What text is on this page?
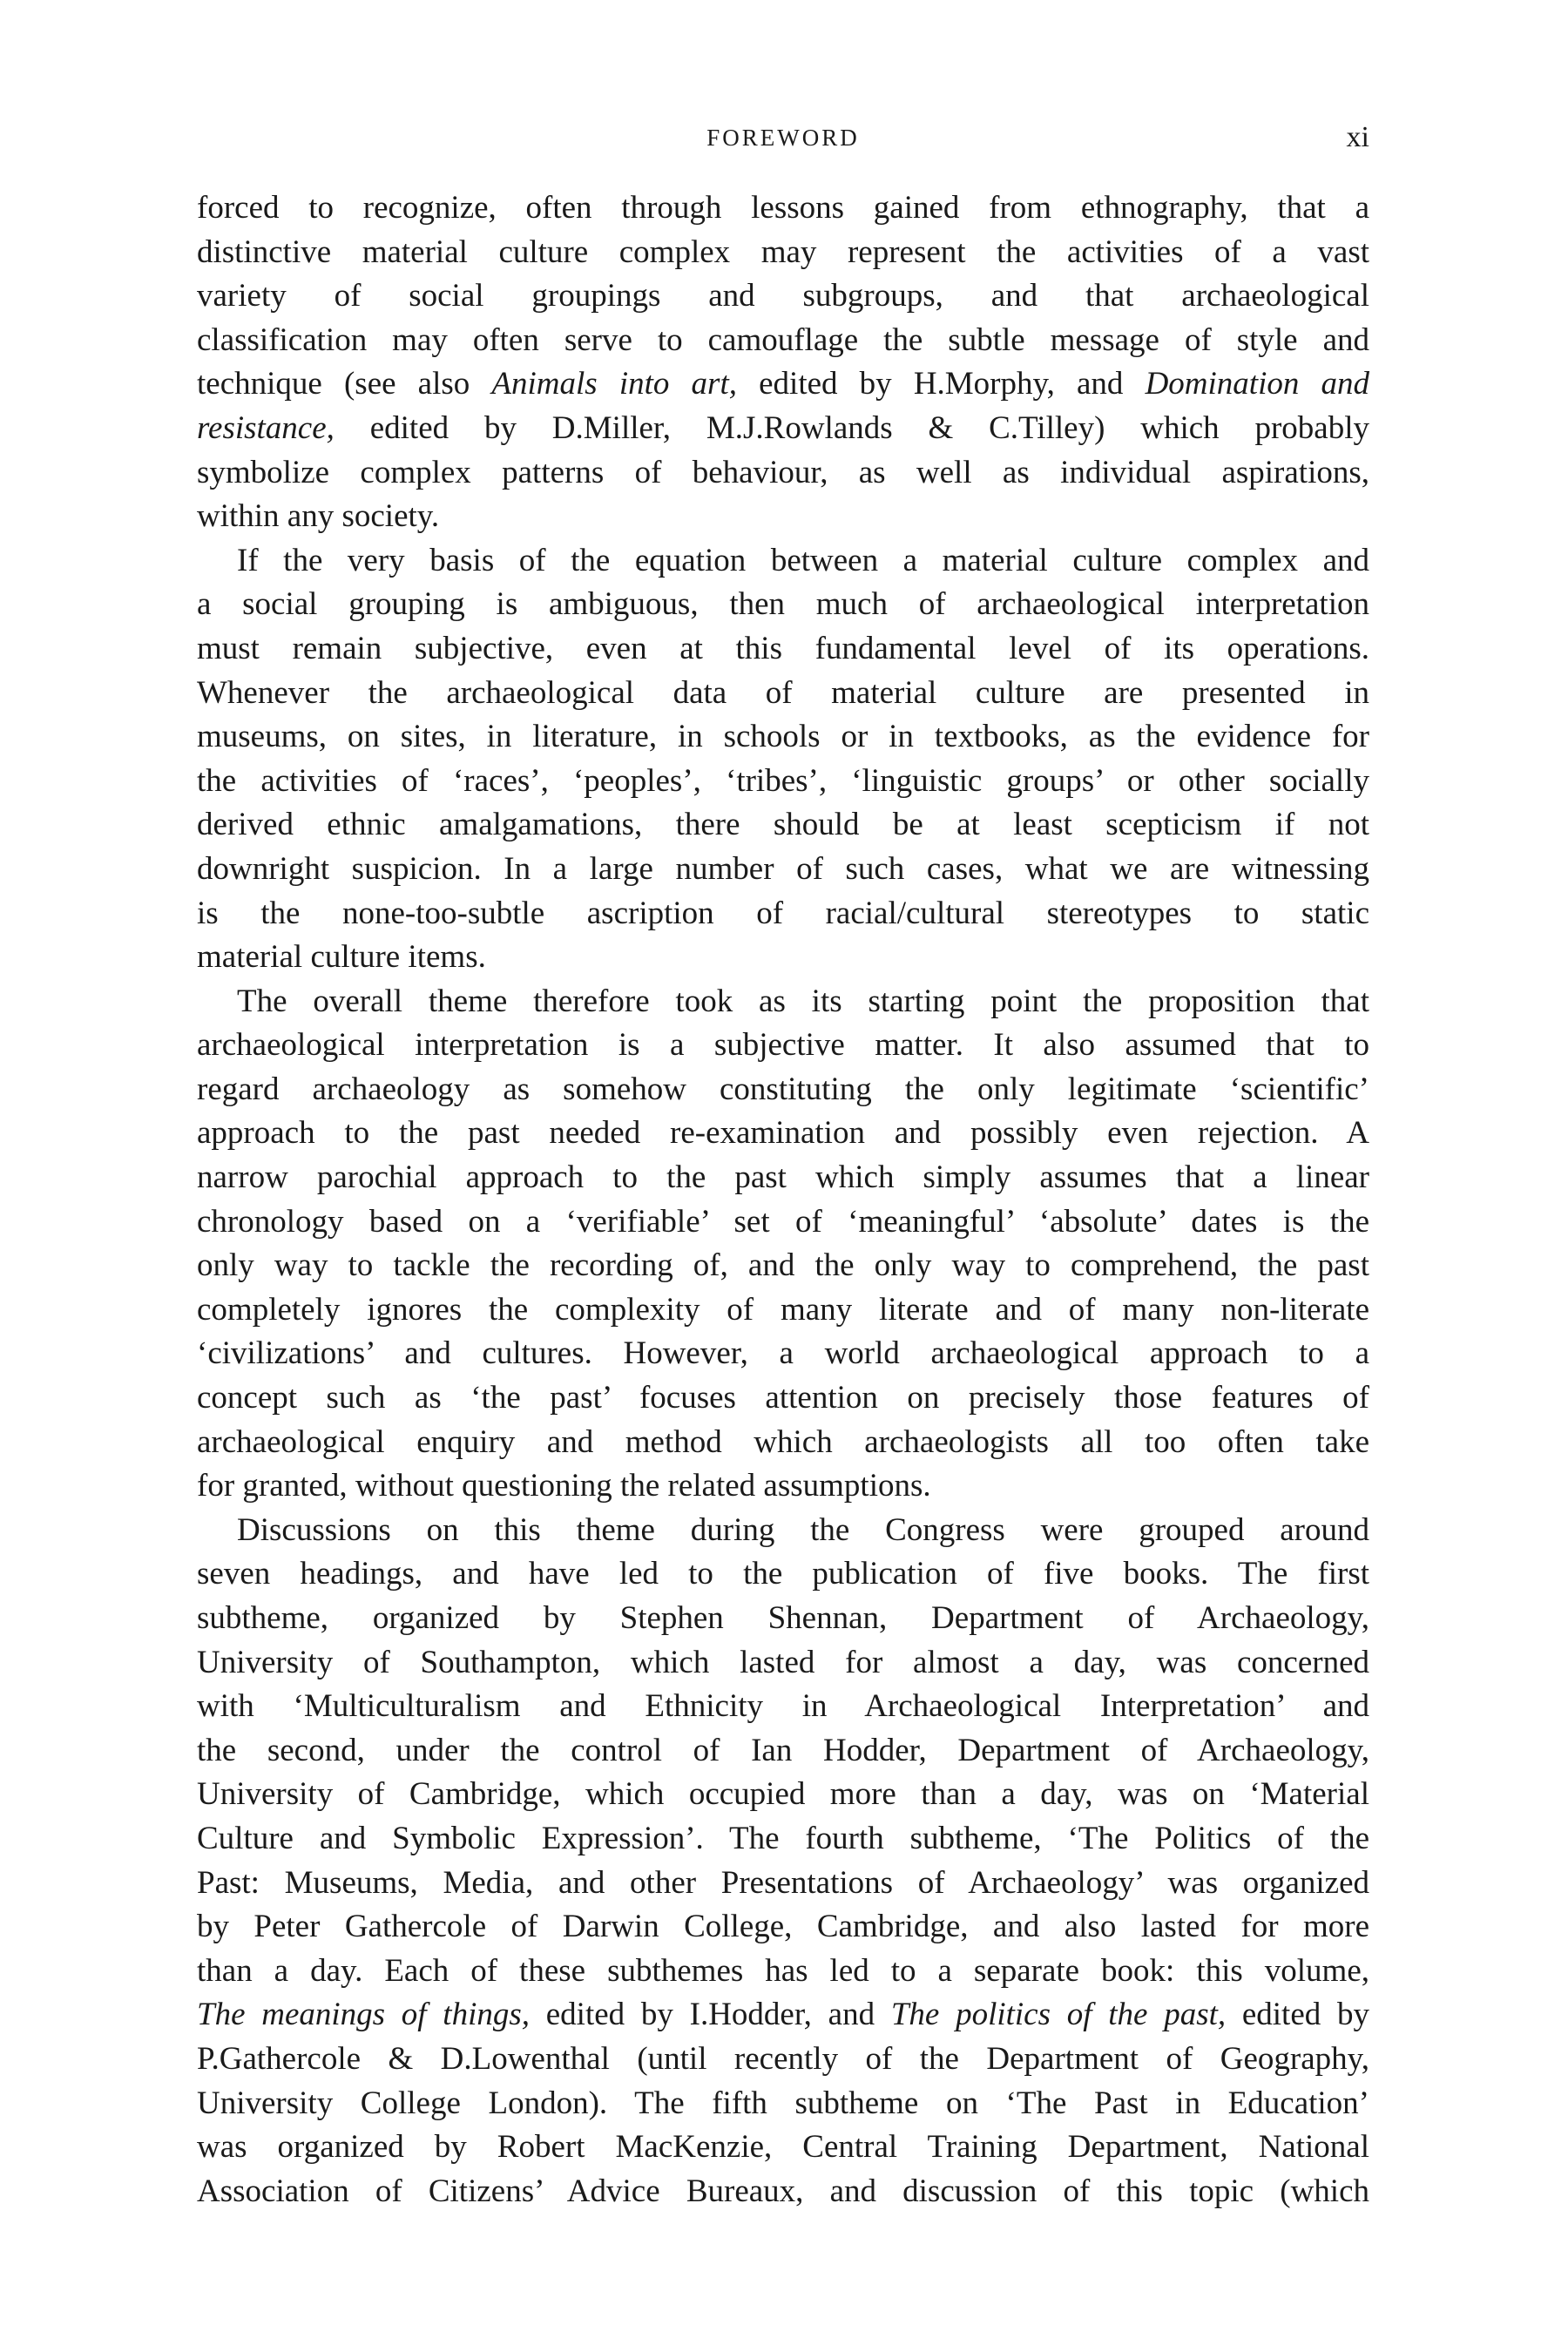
FOREWORD	xi

forced to recognize, often through lessons gained from ethnography, that a
distinctive material culture complex may represent the activities of a vast
variety of social groupings and subgroups, and that archaeological
classification may often serve to camouflage the subtle message of style and
technique (see also Animals into art, edited by H.Morphy, and Domination and
resistance, edited by D.Miller, M.J.Rowlands & C.Tilley) which probably
symbolize complex patterns of behaviour, as well as individual aspirations,
within any society.

If the very basis of the equation between a material culture complex and
a social grouping is ambiguous, then much of archaeological interpretation
must remain subjective, even at this fundamental level of its operations.
Whenever the archaeological data of material culture are presented in
museums, on sites, in literature, in schools or in textbooks, as the evidence for
the activities of ‘races’, ‘peoples’, ‘tribes’, ‘linguistic groups’ or other socially
derived ethnic amalgamations, there should be at least scepticism if not
downright suspicion. In a large number of such cases, what we are witnessing
is the none-too-subtle ascription of racial/cultural stereotypes to static
material culture items.

The overall theme therefore took as its starting point the proposition that
archaeological interpretation is a subjective matter. It also assumed that to
regard archaeology as somehow constituting the only legitimate ‘scientific’
approach to the past needed re-examination and possibly even rejection. A
narrow parochial approach to the past which simply assumes that a linear
chronology based on a ‘verifiable’ set of ‘meaningful’ ‘absolute’ dates is the
only way to tackle the recording of, and the only way to comprehend, the past
completely ignores the complexity of many literate and of many non-literate
‘civilizations’ and cultures. However, a world archaeological approach to a
concept such as ‘the past’ focuses attention on precisely those features of
archaeological enquiry and method which archaeologists all too often take
for granted, without questioning the related assumptions.

Discussions on this theme during the Congress were grouped around
seven headings, and have led to the publication of five books. The first
subtheme, organized by Stephen Shennan, Department of Archaeology,
University of Southampton, which lasted for almost a day, was concerned
with ‘Multiculturalism and Ethnicity in Archaeological Interpretation’ and
the second, under the control of Ian Hodder, Department of Archaeology,
University of Cambridge, which occupied more than a day, was on ‘Material
Culture and Symbolic Expression’. The fourth subtheme, ‘The Politics of the
Past: Museums, Media, and other Presentations of Archaeology’ was organized
by Peter Gathercole of Darwin College, Cambridge, and also lasted for more
than a day. Each of these subthemes has led to a separate book: this volume,
The meanings of things, edited by I.Hodder, and The politics of the past, edited by
P.Gathercole & D.Lowenthal (until recently of the Department of Geography,
University College London). The fifth subtheme on ‘The Past in Education’
was organized by Robert MacKenzie, Central Training Department, National
Association of Citizens’ Advice Bureaux, and discussion of this topic (which
